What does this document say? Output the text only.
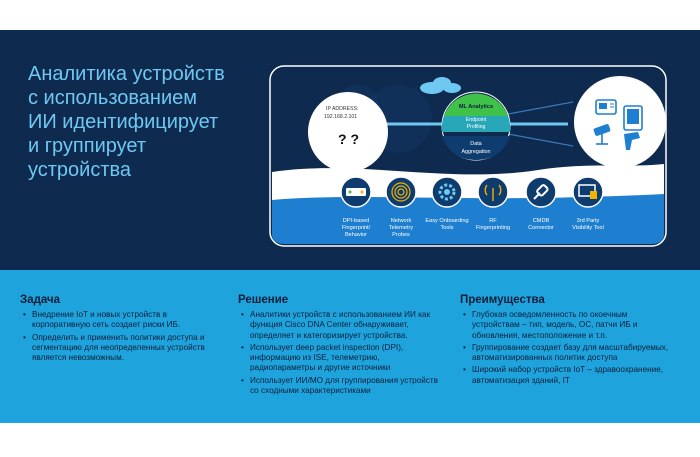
Аналитика устройств
с использованием
ИИ идентифицирует
и группирует
устройства
IP ADDRESS:
192.168.2.101
? ?
ML Analytics
Endpoint
Profiling
Data
Aggregation
DPI-based
Fingerprint/
Behavior
Network
Telemetry
Probes
Easy Onboarding
Tools
RF
Fingerprinting
CMDB
Connector
3rd Party
Visibility Tool
Задача
• Внедрение IoT и новых устройств в корпоративную сеть создает риски ИБ.
• Определить и применить политики доступа и сегментацию для неопределенных устройств является невозможным.
Решение
• Аналитики устройств с использованием ИИ как функция Cisco DNA Center обнаруживает, определяет и категоризирует устройства.
• Использует deep packet inspection (DPI), информацию из ISE, телеметрию, радиопараметры и другие источники
• Использует ИИ/МО для группирования устройств со сходными характеристиками
Преимущества
• Глубокая осведомленность по окоечным устройствам – тип, модель, ОС, патчи ИБ и обновления, местоположение и т.п.
• Группирование создает базу для масштабируемых, автоматизированных политик доступа
• Широкий набор устройств IoT – здравоохранение, автоматизация зданий, IT
